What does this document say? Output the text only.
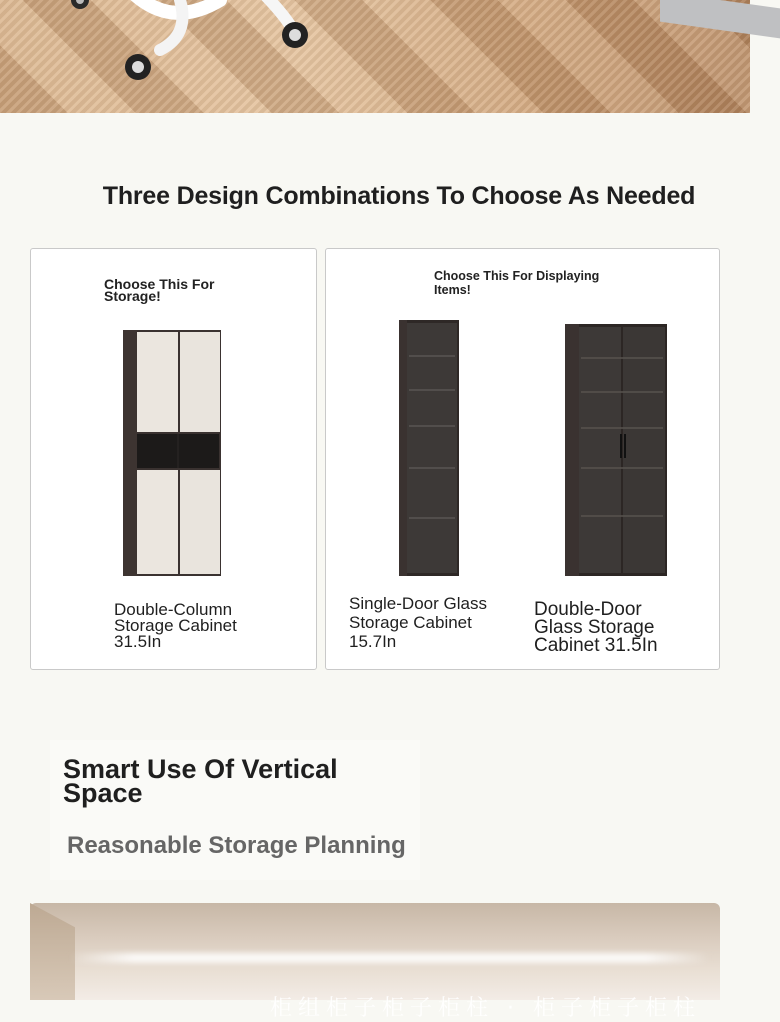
Three Design Combinations To Choose As Needed
Choose This For Storage!
Double-Column Storage Cabinet 31.5In
Choose This For Displaying Items!
Single-Door Glass Storage Cabinet 15.7In
Double-Door Glass Storage Cabinet 31.5In
Smart Use Of Vertical Space
Reasonable Storage Planning
柜组柜子柜子柜柱 · 柜子柜子柜柱
